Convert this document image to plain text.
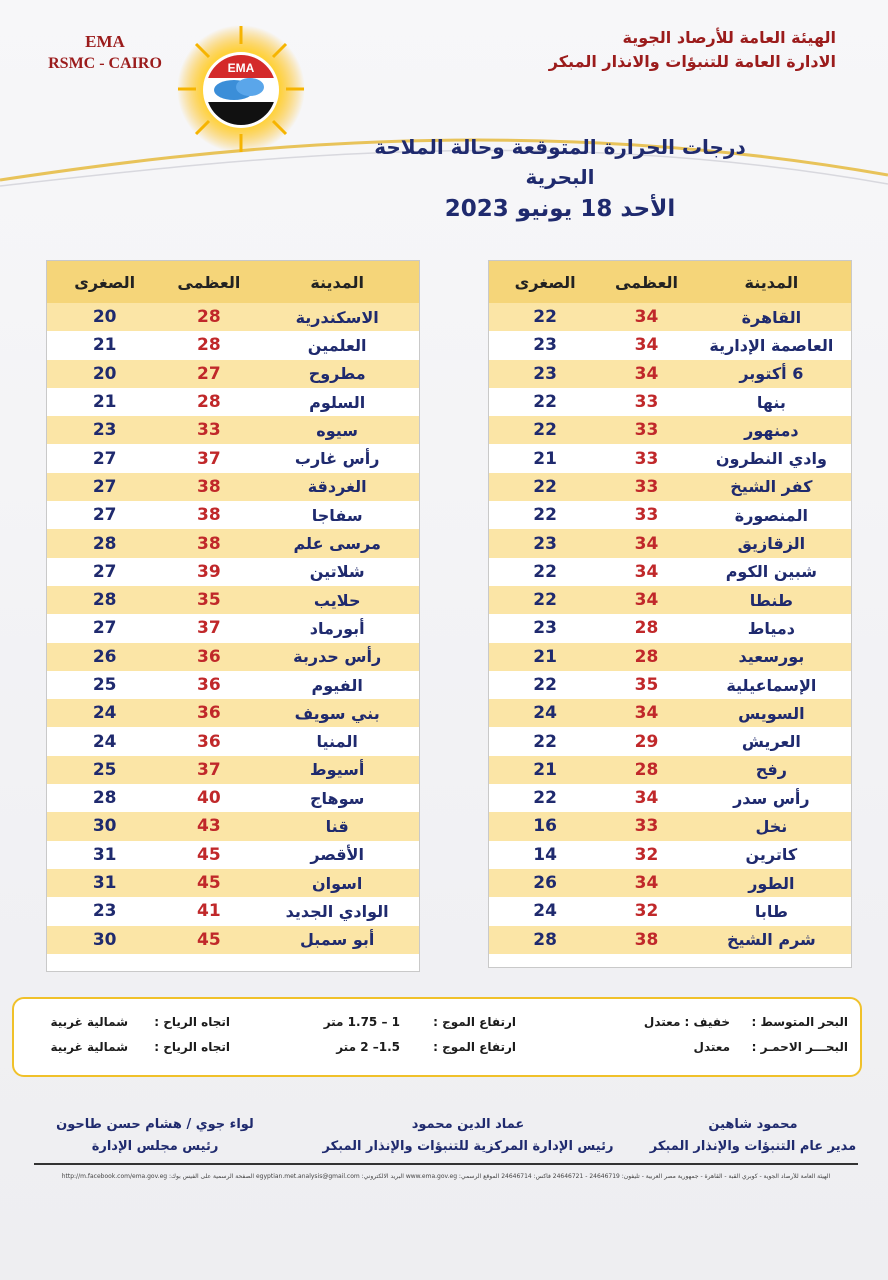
EMA
RSMC - CAIRO	EMA
الهيئة العامة للأرصاد الجوية
الادارة العامة للتنبؤات والانذار المبكر
درجات الحرارة المتوقعة وحالة الملاحة البحرية
الأحد 18 يونيو 2023
المدينة
العظمى
الصغرى
القاهرة
34
22
العاصمة الإدارية
34
23
6 أكتوبر
34
23
بنها
33
22
دمنهور
33
22
وادي النطرون
33
21
كفر الشيخ
33
22
المنصورة
33
22
الزقازيق
34
23
شبين الكوم
34
22
طنطا
34
22
دمياط
28
23
بورسعيد
28
21
الإسماعيلية
35
22
السويس
34
24
العريش
29
22
رفح
28
21
رأس سدر
34
22
نخل
33
16
كاترين
32
14
الطور
34
26
طابا
32
24
شرم الشيخ
38
28
المدينة
العظمى
الصغرى
الاسكندرية
28
20
العلمين
28
21
مطروح
27
20
السلوم
28
21
سيوه
33
23
رأس غارب
37
27
الغردقة
38
27
سفاجا
38
27
مرسى علم
38
28
شلاتين
39
27
حلايب
35
28
أبورماد
37
27
رأس حدربة
36
26
الفيوم
36
25
بني سويف
36
24
المنيا
36
24
أسيوط
37
25
سوهاج
40
28
قنا
43
30
الأقصر
45
31
اسوان
45
31
الوادي الجديد
41
23
أبو سمبل
45
30
البحر المتوسط :
خفيف : معتدل
ارتفاع الموج :
1 – 1.75 متر
اتجاه الرياح :
شمالية غربية
البحـــر الاحمـر :
معتدل
ارتفاع الموج :
1.5– 2 متر
اتجاه الرياح :
شمالية غربية
محمود شاهين
مدير عام التنبؤات والإنذار المبكر
عماد الدين محمود
رئيس الإدارة المركزية للتنبؤات والإنذار المبكر
لواء جوي / هشام حسن طاحون
رئيس مجلس الإدارة
الهيئة العامة للأرصاد الجوية - كوبري القبة - القاهرة - جمهورية مصر العربية - تليفون: 24646719 - 24646721 فاكس: 24646714 الموقع الرسمي: www.ema.gov.eg البريد الالكتروني: egyptian.met.analysis@gmail.com الصفحة الرسمية على الفيس بوك: http://m.facebook.com/ema.gov.eg
